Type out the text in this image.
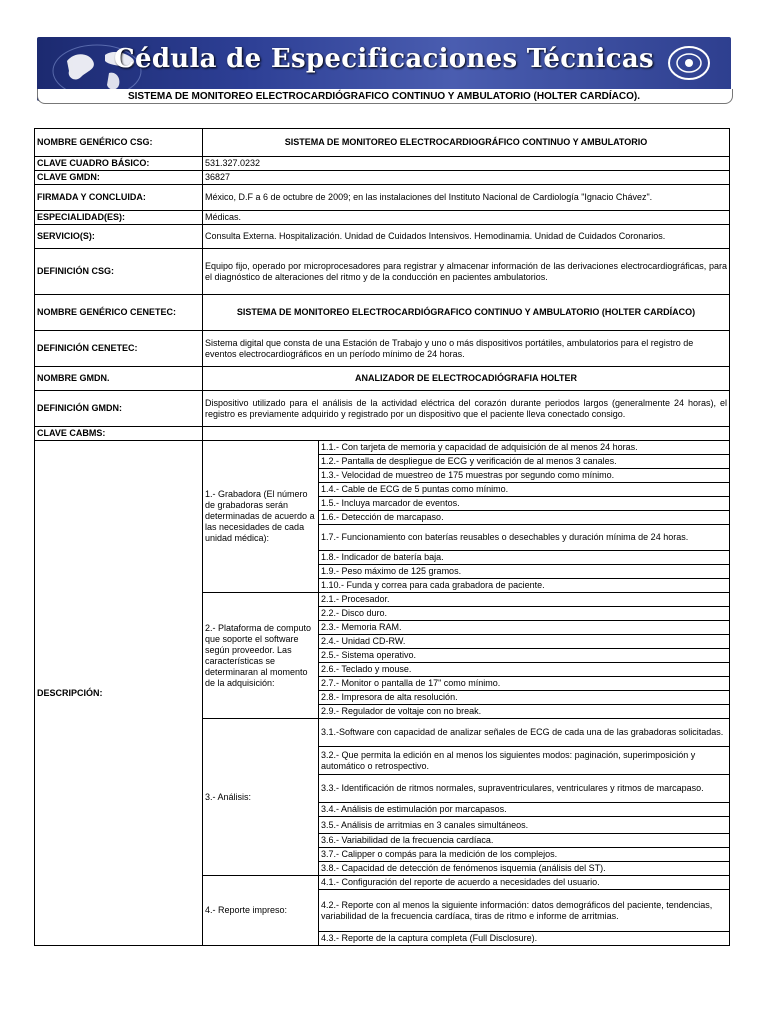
Cédula de Especificaciones Técnicas
SISTEMA DE MONITOREO ELECTROCARDIÓGRAFICO CONTINUO Y AMBULATORIO (HOLTER CARDÍACO).
NOMBRE GENÉRICO CSG:	SISTEMA DE MONITOREO ELECTROCARDIOGRÁFICO CONTINUO Y AMBULATORIO	
CLAVE CUADRO BÁSICO:	531.327.0232	
CLAVE GMDN:	36827	
FIRMADA Y CONCLUIDA:	México, D.F a 6 de octubre de 2009; en las instalaciones del Instituto Nacional de Cardiología "Ignacio Chávez".	
ESPECIALIDAD(ES):	Médicas.	
SERVICIO(S):	Consulta Externa. Hospitalización. Unidad de Cuidados Intensivos. Hemodinamia. Unidad de Cuidados Coronarios.	
DEFINICIÓN CSG:	Equipo fijo, operado por microprocesadores para registrar y almacenar información de las derivaciones electrocardiográficas, para el diagnóstico de alteraciones del ritmo y de la conducción en pacientes ambulatorios.	
NOMBRE GENÉRICO CENETEC:	SISTEMA DE MONITOREO ELECTROCARDIÓGRAFICO CONTINUO Y AMBULATORIO (HOLTER CARDÍACO)	
DEFINICIÓN CENETEC:	Sistema digital que consta de una Estación de Trabajo y uno o más dispositivos portátiles, ambulatorios para el registro de eventos electrocardiográficos en un período mínimo de 24 horas.	
NOMBRE GMDN.	ANALIZADOR DE ELECTROCADIÓGRAFIA HOLTER	
DEFINICIÓN GMDN:	Dispositivo utilizado para el análisis de la actividad eléctrica del corazón durante periodos largos (generalmente 24 horas), el registro es previamente adquirido y registrado por un dispositivo que el paciente lleva conectado consigo.	
CLAVE CABMS:		
DESCRIPCIÓN:	1.- Grabadora (El número de grabadoras serán determinadas de acuerdo a las necesidades de cada unidad médica):	1.1.- Con tarjeta de memoria y capacidad de adquisición de al menos 24 horas.
		1.2.- Pantalla de despliegue de ECG y verificación de al menos 3 canales.
		1.3.- Velocidad de muestreo de 175 muestras por segundo como mínimo.
		1.4.- Cable de ECG de 5 puntas como mínimo.
		1.5.- Incluya marcador de eventos.
		1.6.- Detección de marcapaso.
		1.7.- Funcionamiento con baterías reusables o desechables y duración mínima de 24 horas.
		1.8.- Indicador de batería baja.
		1.9.- Peso máximo de 125 gramos.
		1.10.- Funda y correa para cada grabadora de paciente.
	2.- Plataforma de computo que soporte el software según proveedor. Las características se determinaran al momento de la adquisición:	2.1.- Procesador.
		2.2.- Disco duro.
		2.3.- Memoria RAM.
		2.4.- Unidad CD-RW.
		2.5.- Sistema operativo.
		2.6.- Teclado y mouse.
		2.7.- Monitor o pantalla de 17" como mínimo.
		2.8.- Impresora de alta resolución.
		2.9.- Regulador de voltaje con no break.
	3.- Análisis:	3.1.-Software con capacidad de analizar señales de ECG de cada una de las grabadoras solicitadas.
		3.2.- Que permita la edición en al menos los siguientes modos: paginación, superimposición y automático o retrospectivo.
		3.3.- Identificación de ritmos normales, supraventriculares, ventriculares y ritmos de marcapaso.
		3.4.- Análisis de estimulación por marcapasos.
		3.5.- Análisis de arritmias en 3 canales simultáneos.
		3.6.- Variabilidad de la frecuencia cardíaca.
		3.7.- Calipper o compás para la medición de los complejos.
		3.8.- Capacidad de detección de fenómenos isquemia (análisis del ST).
	4.- Reporte impreso:	4.1.- Configuración del reporte de acuerdo a necesidades del usuario.
		4.2.- Reporte con al menos la siguiente información: datos demográficos del paciente, tendencias, variabilidad de la frecuencia cardíaca, tiras de ritmo e informe de arritmias.
		4.3.- Reporte de la captura completa (Full Disclosure).
